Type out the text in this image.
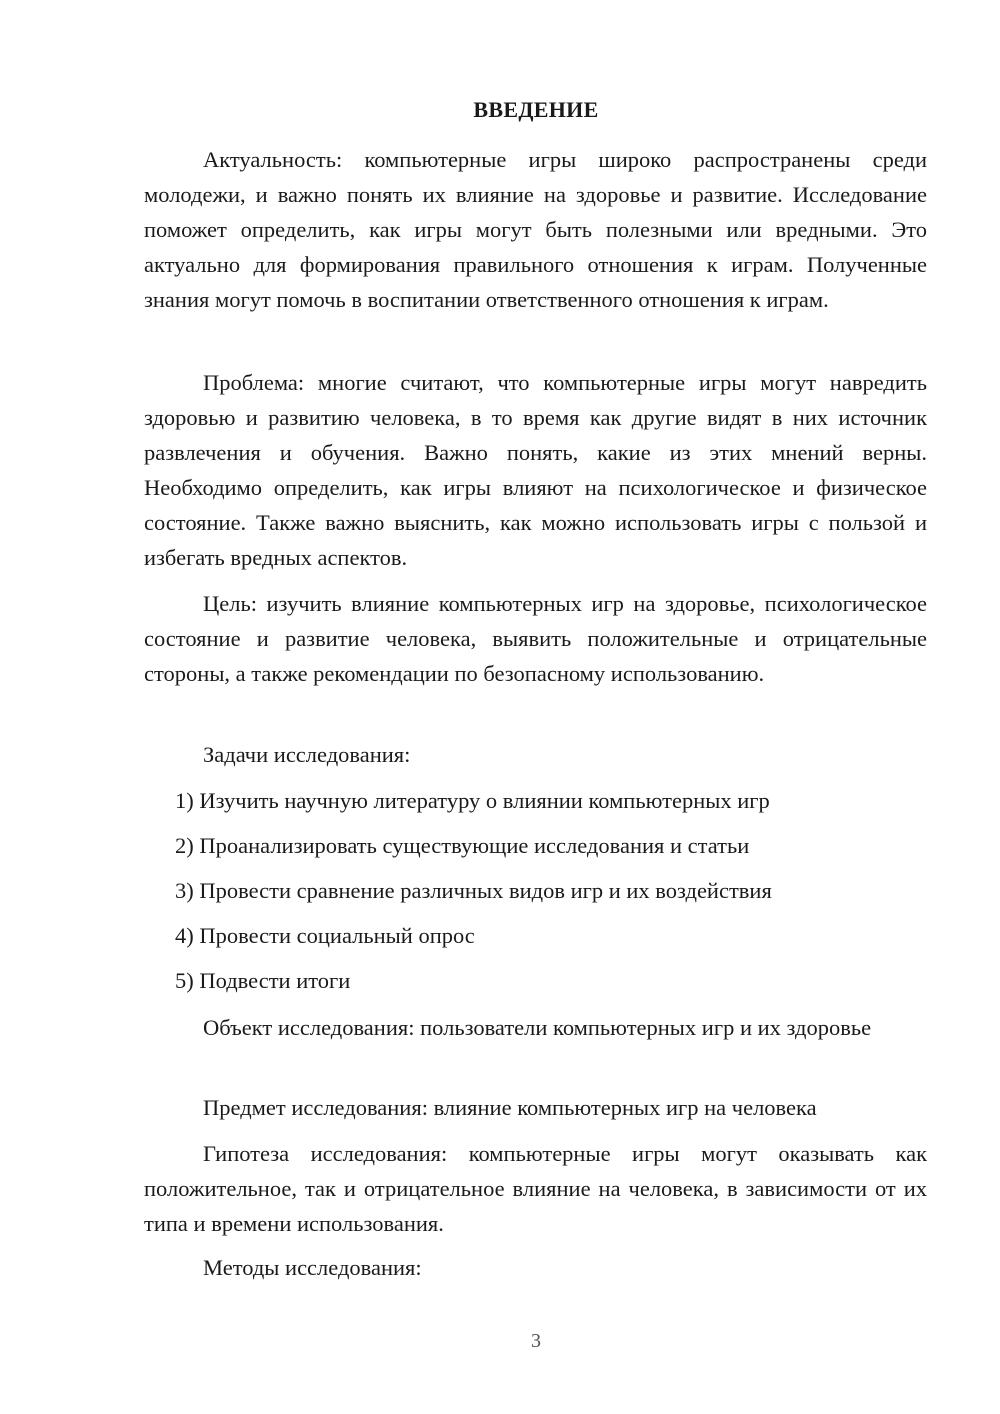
ВВЕДЕНИЕ

Актуальность: компьютерные игры широко распространены среди молодежи, и важно понять их влияние на здоровье и развитие. Исследование поможет определить, как игры могут быть полезными или вредными. Это актуально для формирования правильного отношения к играм. Полученные знания могут помочь в воспитании ответственного отношения к играм.

Проблема: многие считают, что компьютерные игры могут навредить здоровью и развитию человека, в то время как другие видят в них источник развлечения и обучения. Важно понять, какие из этих мнений верны. Необходимо определить, как игры влияют на психологическое и физическое состояние. Также важно выяснить, как можно использовать игры с пользой и избегать вредных аспектов.

Цель: изучить влияние компьютерных игр на здоровье, психологическое состояние и развитие человека, выявить положительные и отрицательные стороны, а также рекомендации по безопасному использованию.

Задачи исследования:
1) Изучить научную литературу о влиянии компьютерных игр
2) Проанализировать существующие исследования и статьи
3) Провести сравнение различных видов игр и их воздействия
4) Провести социальный опрос
5) Подвести итоги

Объект исследования: пользователи компьютерных игр и их здоровье

Предмет исследования: влияние компьютерных игр на человека

Гипотеза исследования: компьютерные игры могут оказывать как положительное, так и отрицательное влияние на человека, в зависимости от их типа и времени использования.

Методы исследования:
3
